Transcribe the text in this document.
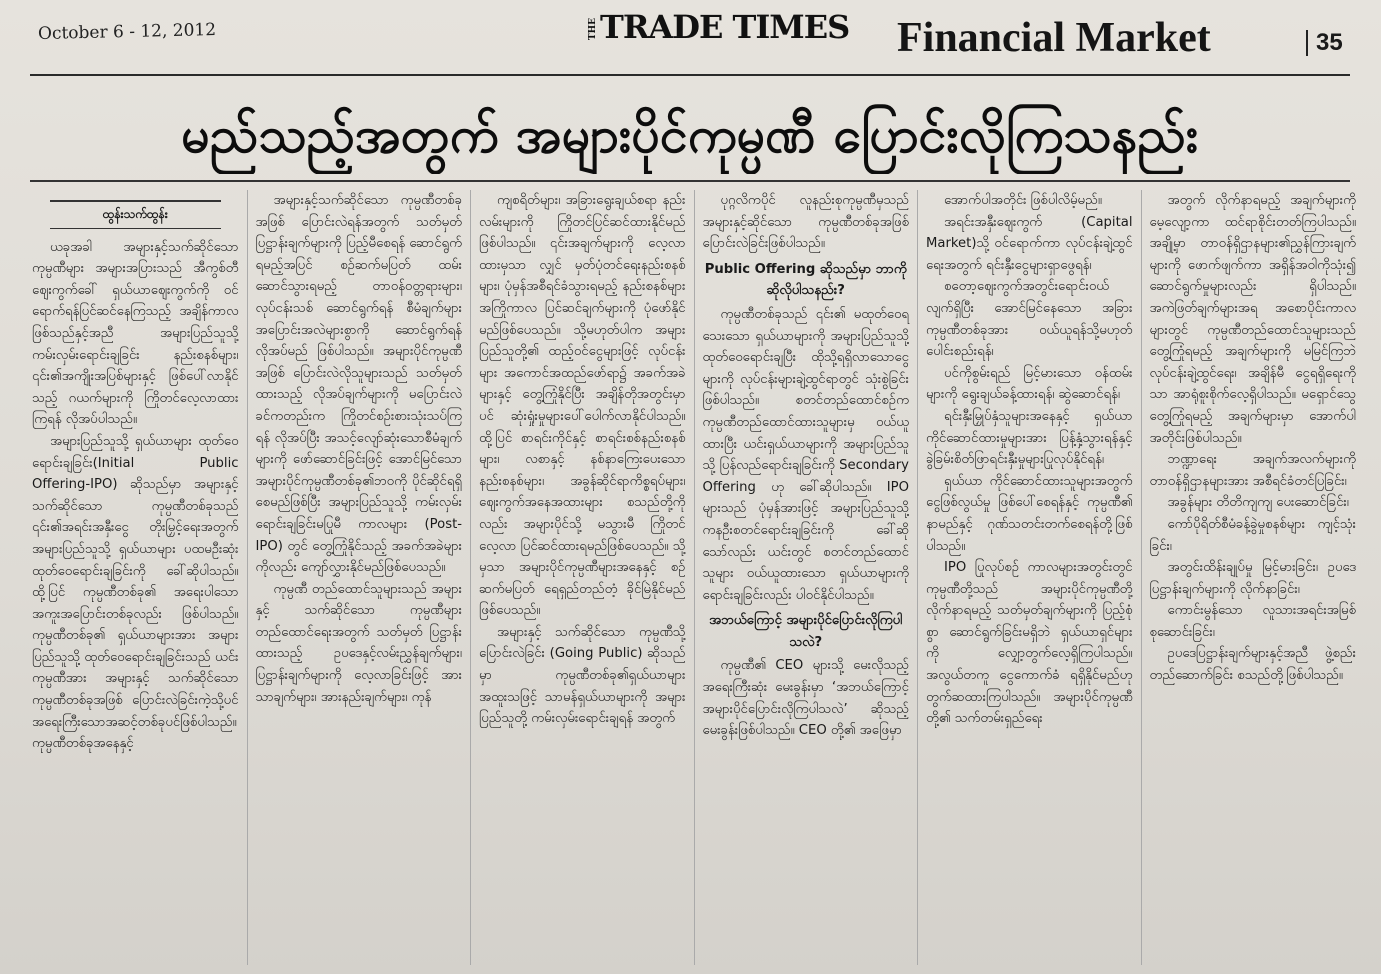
October 6 - 12, 2012	THETRADE TIMES Financial Market	35
မည်သည့်အတွက် အများပိုင်ကုမ္ပဏီ ပြောင်းလိုကြသနည်း
ထွန်းသက်ထွန်း

ယခုအခါ အများနှင့်သက်ဆိုင်သောကုမ္ပဏီများ အများအပြားသည် အီကွစ်တီဈေးကွက်ခေါ် ရှယ်ယာဈေးကွက်ကို ဝင်ရောက်ရန်ပြင်ဆင်နေကြသည့် အချိန်ကာလဖြစ်သည်နှင့်အညီ အများပြည်သူသို့ ကမ်းလှမ်းရောင်းချခြင်း နည်းစနစ်များ၊ ၎င်း၏အကျိုးအပြစ်များနှင့် ဖြစ်ပေါ်လာနိုင်သည့် ဂယက်များကို ကြိုတင်လေ့လာထားကြရန် လိုအပ်ပါသည်။

အများပြည်သူသို့ ရှယ်ယာများ ထုတ်ဝေရောင်းချခြင်း(Initial Public Offering-IPO) ဆိုသည်မှာ အများနှင့် သက်ဆိုင်သော ကုမ္ပဏီတစ်ခုသည် ၎င်း၏အရင်းအနှီးငွေ တိုးမြှင့်ရေးအတွက် အများပြည်သူသို့ ရှယ်ယာများ ပထမဦးဆုံးထုတ်ဝေရောင်းချခြင်းကို ခေါ်ဆိုပါသည်။ ထို့ပြင် ကုမ္ပဏီတစ်ခု၏ အရေးပါသော အကူးအပြောင်းတစ်ခုလည်း ဖြစ်ပါသည်။ ကုမ္ပဏီတစ်ခု၏ ရှယ်ယာများအား အများပြည်သူသို့ ထုတ်ဝေရောင်းချခြင်းသည် ယင်းကုမ္ပဏီအား အများနှင့် သက်ဆိုင်သော ကုမ္ပဏီတစ်ခုအဖြစ် ပြောင်းလဲခြင်းကဲ့သို့ပင် အရေးကြီးသောအဆင့်တစ်ခုပင်ဖြစ်ပါသည်။ ကုမ္ပဏီတစ်ခုအနေနှင့်

အများနှင့်သက်ဆိုင်သော ကုမ္ပဏီတစ်ခုအဖြစ် ပြောင်းလဲရန်အတွက် သတ်မှတ်ပြဋ္ဌာန်းချက်များကို ပြည့်မီစေရန် ဆောင်ရွက်ရမည့်အပြင် စဉ်ဆက်မပြတ် ထမ်းဆောင်သွားရမည့် တာဝန်ဝတ္တရားများ၊ လုပ်ငန်းသစ် ဆောင်ရွက်ရန် စီမံချက်များ အပြောင်းအလဲများစွာကို ဆောင်ရွက်ရန် လိုအပ်မည် ဖြစ်ပါသည်။ အများပိုင်ကုမ္ပဏီအဖြစ် ပြောင်းလဲလိုသူများသည် သတ်မှတ်ထားသည့် လိုအပ်ချက်များကို မပြောင်းလဲခင်ကတည်းက ကြိုတင်စဉ်းစားသုံးသပ်ကြရန် လိုအပ်ပြီး အသင့်လျော်ဆုံးသောစီမံချက်များကို ဖော်ဆောင်ခြင်းဖြင့် အောင်မြင်သော အများပိုင်ကုမ္ပဏီတစ်ခု၏ဘဝကို ပိုင်ဆိုင်ရရှိစေမည်ဖြစ်ပြီး အများပြည်သူသို့ ကမ်းလှမ်းရောင်းချခြင်းမပြုမီ ကာလများ (Post-IPO) တွင် တွေ့ကြုံနိုင်သည့် အခက်အခဲများကိုလည်း ကျော်လွှားနိုင်မည်ဖြစ်ပေသည်။

ကုမ္ပဏီ တည်ထောင်သူများသည် အများနှင့် သက်ဆိုင်သော ကုမ္ပဏီများ တည်ထောင်ရေးအတွက် သတ်မှတ် ပြဋ္ဌာန်းထားသည့် ဥပဒေနှင့်လမ်းညွှန်ချက်များ၊ ပြဋ္ဌာန်းချက်များကို လေ့လာခြင်းဖြင့် အားသာချက်များ၊ အားနည်းချက်များ၊ ကုန်

ကျစရိတ်များ၊ အခြားရွေးချယ်စရာ နည်းလမ်းများကို ကြိုတင်ပြင်ဆင်ထားနိုင်မည် ဖြစ်ပါသည်။ ၎င်းအချက်များကို လေ့လာထားမှသာ လျှင် မှတ်ပုံတင်ရေးနည်းစနစ်များ၊ ပုံမှန်အစီရင်ခံသွားရမည့် နည်းစနစ်များ အကြိုကာလ ပြင်ဆင်ချက်များကို ပုံဖော်နိုင်မည်ဖြစ်ပေသည်။ သို့မဟုတ်ပါက အများပြည်သူတို့၏ ထည့်ဝင်ငွေများဖြင့် လုပ်ငန်းများ အကောင်အထည်ဖော်ရာ၌ အခက်အခဲများနှင့် တွေ့ကြုံနိုင်ပြီး အချိန်တိုအတွင်းမှာပင် ဆုံးရှုံးမှုများပေါ်ပေါက်လာနိုင်ပါသည်။ ထို့ပြင် စာရင်းကိုင်နှင့် စာရင်းစစ်နည်းစနစ်များ၊ လစာနှင့် နစ်နာကြေးပေးသော နည်းစနစ်များ၊ အခွန်ဆိုင်ရာကိစ္စရပ်များ၊ ဈေးကွက်အနေအထားများ စသည်တို့ကိုလည်း အများပိုင်သို့ မသွားမီ ကြိုတင်လေ့လာ ပြင်ဆင်ထားရမည်ဖြစ်ပေသည်။ သို့မှသာ အများပိုင်ကုမ္ပဏီများအနေနှင့် စဉ်ဆက်မပြတ် ရေရှည်တည်တံ့ ခိုင်မြဲနိုင်မည်ဖြစ်ပေသည်။

အများနှင့် သက်ဆိုင်သော ကုမ္ပဏီသို့ ပြောင်းလဲခြင်း (Going Public) ဆိုသည်မှာ ကုမ္ပဏီတစ်ခု၏ရှယ်ယာများ အထူးသဖြင့် သာမန်ရှယ်ယာများကို အများပြည်သူတို့ ကမ်းလှမ်းရောင်းချရန် အတွက်

ပုဂ္ဂလိကပိုင် လူနည်းစုကုမ္ပဏီမှသည် အများနှင့်ဆိုင်သော ကုမ္ပဏီတစ်ခုအဖြစ် ပြောင်းလဲခြင်းဖြစ်ပါသည်။

Public Offering ဆိုသည်မှာ ဘာကိုဆိုလိုပါသနည်း?

ကုမ္ပဏီတစ်ခုသည် ၎င်း၏ မထုတ်ဝေရသေးသော ရှယ်ယာများကို အများပြည်သူသို့ ထုတ်ဝေရောင်းချပြီး ထိုသို့ရရှိလာသောငွေများကို လုပ်ငန်းများချဲ့ထွင်ရာတွင် သုံးစွဲခြင်းဖြစ်ပါသည်။ စတင်တည်ထောင်စဉ်က ကုမ္ပဏီတည်ထောင်ထားသူများမှ ဝယ်ယူထားပြီး ယင်းရှယ်ယာများကို အများပြည်သူသို့ ပြန်လည်ရောင်းချခြင်းကို Secondary Offering ဟု ခေါ်ဆိုပါသည်။ IPO များသည် ပုံမှန်အားဖြင့် အများပြည်သူသို့ ကနဦးစတင်ရောင်းချခြင်းကို ခေါ်ဆိုသော်လည်း ယင်းတွင် စတင်တည်ထောင်သူများ ဝယ်ယူထားသော ရှယ်ယာများကို ရောင်းချခြင်းလည်း ပါဝင်နိုင်ပါသည်။

အဘယ်ကြောင့် အများပိုင်ပြောင်းလိုကြပါသလဲ?

ကုမ္ပဏီ၏ CEO များသို့ မေးလိုသည့် အရေးကြီးဆုံး မေးခွန်းမှာ ‘အဘယ်ကြောင့် အများပိုင်ပြောင်းလိုကြပါသလဲ’ ဆိုသည့် မေးခွန်းဖြစ်ပါသည်။ CEO တို့၏ အဖြေမှာ

အောက်ပါအတိုင်း ဖြစ်ပါလိမ့်မည်။

အရင်းအနှီးဈေးကွက် (Capital Market)သို့ ဝင်ရောက်ကာ လုပ်ငန်းချဲ့ထွင်ရေးအတွက် ရင်းနှီးငွေများရှာဖွေရန်၊

စတော့ဈေးကွက်အတွင်းရောင်းဝယ်လျက်ရှိပြီး အောင်မြင်နေသော အခြားကုမ္ပဏီတစ်ခုအား ဝယ်ယူရန်သို့မဟုတ် ပေါင်းစည်းရန်၊

ပင်ကိုစွမ်းရည် မြင့်မားသော ဝန်ထမ်းများကို ရွေးချယ်ခန့်ထားရန်၊ ဆွဲဆောင်ရန်၊

ရင်းနှီးမြှုပ်နှံသူများအနေနှင့် ရှယ်ယာကိုင်ဆောင်ထားမှုများအား ပြန့်နှံ့သွားရန်နှင့် ခွဲခြမ်းစိတ်ဖြာရင်းနှီးမှုများပြုလုပ်နိုင်ရန်၊

ရှယ်ယာ ကိုင်ဆောင်ထားသူများအတွက် ငွေဖြစ်လွယ်မှု ဖြစ်ပေါ်စေရန်နှင့် ကုမ္ပဏီ၏ နာမည်နှင့် ဂုဏ်သတင်းတက်စေရန်တို့ဖြစ်ပါသည်။

IPO ပြုလုပ်စဉ် ကာလများအတွင်းတွင် ကုမ္ပဏီတို့သည် အများပိုင်ကုမ္ပဏီတို့ လိုက်နာရမည့် သတ်မှတ်ချက်များကို ပြည့်စုံစွာ ဆောင်ရွက်ခြင်းမရှိဘဲ ရှယ်ယာရှင်များကို လျှော့တွက်လေ့ရှိကြပါသည်။ အလွယ်တကူ ငွေကောက်ခံ ရရှိနိုင်မည်ဟု တွက်ဆထားကြပါသည်။ အများပိုင်ကုမ္ပဏီတို့၏ သက်တမ်းရှည်ရေး

အတွက် လိုက်နာရမည့် အချက်များကို မေ့လျော့ကာ ထင်ရာစိုင်းတတ်ကြပါသည်။ အချို့မှာ တာဝန်ရှိဌာနများ၏ညွှန်ကြားချက်များကို ဖောက်ဖျက်ကာ အရှိန်အဝါကိုသုံး၍ ဆောင်ရွက်မှုများလည်း ရှိပါသည်။ အကဲဖြတ်ချက်များအရ အစောပိုင်းကာလများတွင် ကုမ္ပဏီတည်ထောင်သူများသည် တွေ့ကြုံရမည့် အချက်များကို မမြင်ကြဘဲ လုပ်ငန်းချဲ့ထွင်ရေး၊ အချိန်မီ ငွေရရှိရေးကိုသာ အာရုံစူးစိုက်လေ့ရှိပါသည်။ မရှောင်သွေ တွေ့ကြုံရမည့် အချက်များမှာ အောက်ပါအတိုင်းဖြစ်ပါသည်။

ဘဏ္ဍာရေး အချက်အလက်များကို တာဝန်ရှိဌာနများအား အစီရင်ခံတင်ပြခြင်း၊

အခွန်များ တိတိကျကျ ပေးဆောင်ခြင်း၊

ကော်ပိုရိတ်စီမံခန့်ခွဲမှုစနစ်များ ကျင့်သုံးခြင်း၊

အတွင်းထိန်းချုပ်မှု မြင့်မားခြင်း၊ ဥပဒေပြဋ္ဌာန်းချက်များကို လိုက်နာခြင်း၊

ကောင်းမွန်သော လူသားအရင်းအမြစ် စုဆောင်းခြင်း၊

ဥပဒေပြဋ္ဌာန်းချက်များနှင့်အညီ ဖွဲ့စည်းတည်ဆောက်ခြင်း စသည်တို့ဖြစ်ပါသည်။
